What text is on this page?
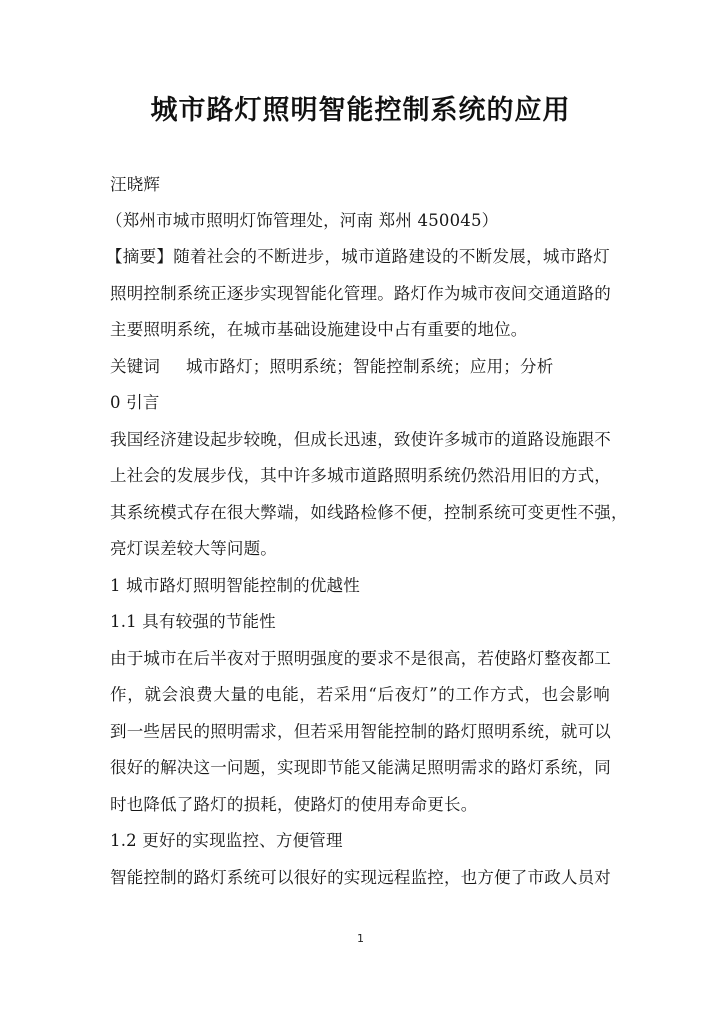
城市路灯照明智能控制系统的应用
汪晓辉
（郑州市城市照明灯饰管理处，河南 郑州 450045）
【摘要】随着社会的不断进步，城市道路建设的不断发展，城市路灯
照明控制系统正逐步实现智能化管理。路灯作为城市夜间交通道路的
主要照明系统，在城市基础设施建设中占有重要的地位。
关键词 城市路灯；照明系统；智能控制系统；应用；分析
0 引言
我国经济建设起步较晚，但成长迅速，致使许多城市的道路设施跟不
上社会的发展步伐，其中许多城市道路照明系统仍然沿用旧的方式，
其系统模式存在很大弊端，如线路检修不便，控制系统可变更性不强，
亮灯误差较大等问题。
1 城市路灯照明智能控制的优越性
1.1 具有较强的节能性
由于城市在后半夜对于照明强度的要求不是很高，若使路灯整夜都工
作，就会浪费大量的电能，若采用“后夜灯”的工作方式，也会影响
到一些居民的照明需求，但若采用智能控制的路灯照明系统，就可以
很好的解决这一问题，实现即节能又能满足照明需求的路灯系统，同
时也降低了路灯的损耗，使路灯的使用寿命更长。
1.2 更好的实现监控、方便管理
智能控制的路灯系统可以很好的实现远程监控，也方便了市政人员对
1
